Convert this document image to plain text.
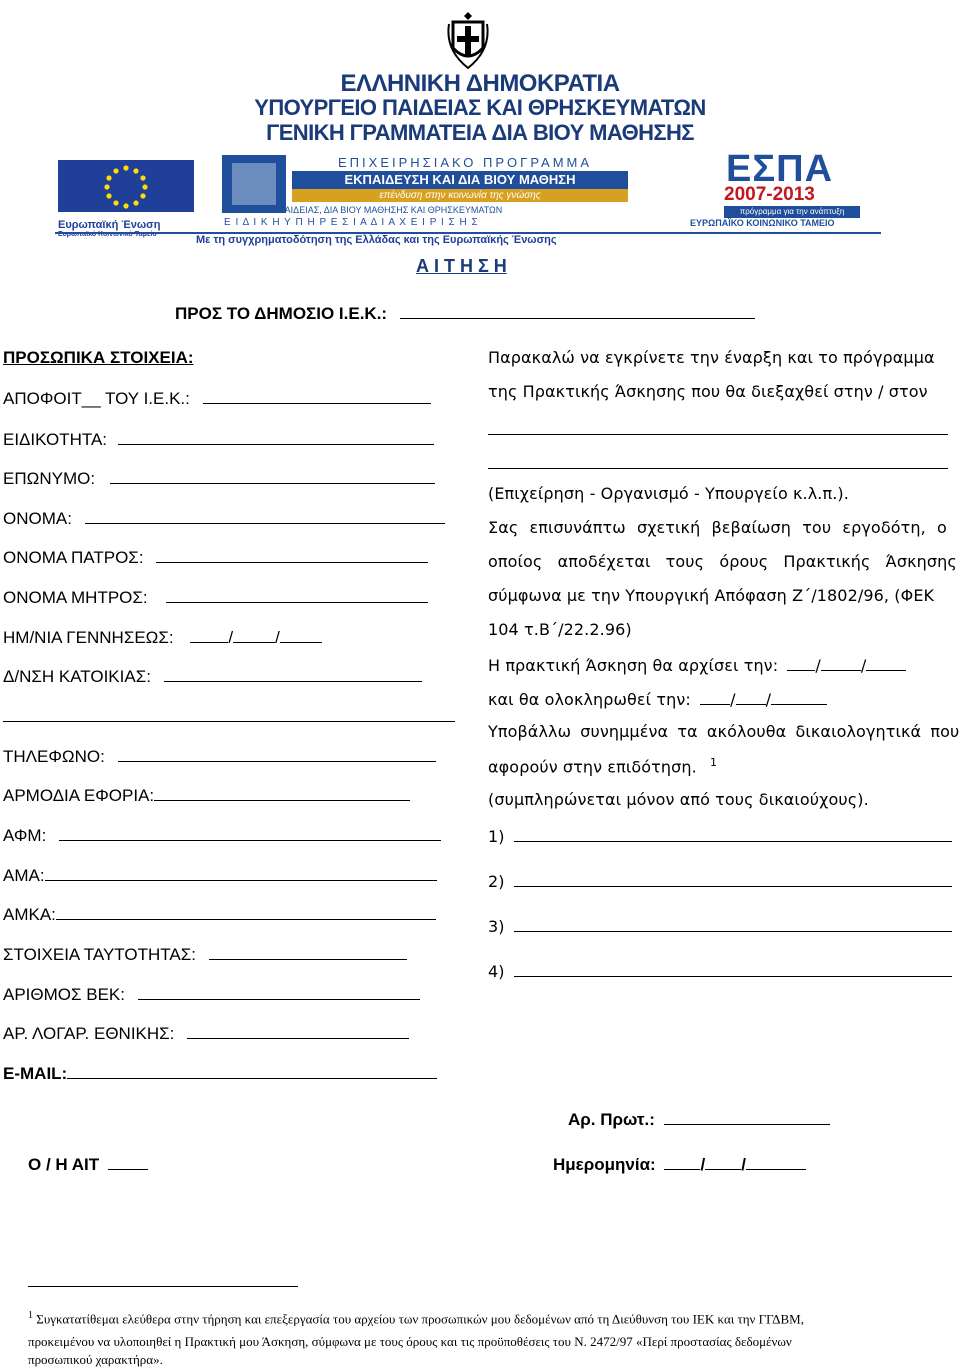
ΕΛΛΗΝΙΚΗ ΔΗΜΟΚΡΑΤΙΑ
ΥΠΟΥΡΓΕΙΟ ΠΑΙΔΕΙΑΣ ΚΑΙ ΘΡΗΣΚΕΥΜΑΤΩΝ
ΓΕΝΙΚΗ ΓΡΑΜΜΑΤΕΙΑ ΔΙΑ ΒΙΟΥ ΜΑΘΗΣΗΣ
Ευρωπαϊκή Ένωση
Ευρωπαϊκό Κοινωνικό Ταμείο
ΕΠΙΧΕΙΡΗΣΙΑΚΟ ΠΡΟΓΡΑΜΜΑ
ΕΚΠΑΙΔΕΥΣΗ ΚΑΙ ΔΙΑ ΒΙΟΥ ΜΑΘΗΣΗ
επένδυση στην κοινωνία της γνώσης
ΥΠΟΥΡΓΕΙΟ ΠΑΙΔΕΙΑΣ, ΔΙΑ ΒΙΟΥ ΜΑΘΗΣΗΣ ΚΑΙ ΘΡΗΣΚΕΥΜΑΤΩΝ
Ε Ι Δ Ι Κ Η Υ Π Η Ρ Ε Σ Ι Α Δ Ι Α Χ Ε Ι Ρ Ι Σ Η Σ
ΕΣΠΑ
2007-2013
πρόγραμμα για την ανάπτυξη
ΕΥΡΩΠΑΪΚΟ ΚΟΙΝΩΝΙΚΟ ΤΑΜΕΙΟ
Με τη συγχρηματοδότηση της Ελλάδας και της Ευρωπαϊκής Ένωσης
Α Ι Τ Η Σ Η
ΠΡΟΣ ΤΟ ΔΗΜΟΣΙΟ Ι.Ε.Κ.:
ΠΡΟΣΩΠΙΚΑ ΣΤΟΙΧΕΙΑ:
ΑΠΟΦΟΙΤ__ ΤΟΥ Ι.Ε.Κ.:
ΕΙΔΙΚΟΤΗΤΑ:
ΕΠΩΝΥΜΟ:
ΟΝΟΜΑ:
ΟΝΟΜΑ ΠΑΤΡΟΣ:
ΟΝΟΜΑ ΜΗΤΡΟΣ:
ΗΜ/ΝΙΑ ΓΕΝΝΗΣΕΩΣ:	/ /
Δ/ΝΣΗ ΚΑΤΟΙΚΙΑΣ:
ΤΗΛΕΦΩΝΟ:
ΑΡΜΟΔΙΑ ΕΦΟΡΙΑ:
ΑΦΜ:
ΑΜΑ:
ΑΜΚΑ:
ΣΤΟΙΧΕΙΑ ΤΑΥΤΟΤΗΤΑΣ:
ΑΡΙΘΜΟΣ ΒΕΚ:
ΑΡ. ΛΟΓΑΡ. ΕΘΝΙΚΗΣ:
E-MAIL:
Παρακαλώ να εγκρίνετε την έναρξη και το πρόγραμμα
της Πρακτικής Άσκησης που θα διεξαχθεί στην / στον
(Επιχείρηση - Οργανισμό - Υπουργείο κ.λ.π.).
Σας επισυνάπτω σχετική βεβαίωση του εργοδότη, ο
οποίος αποδέχεται τους όρους Πρακτικής Άσκησης
σύμφωνα με την Υπουργική Απόφαση Ζ΄/1802/96, (ΦΕΚ
104 τ.Β΄/22.2.96)
Η πρακτική Άσκηση θα αρχίσει την: /	/
και θα ολοκληρωθεί την: / /
Υποβάλλω συνημμένα τα ακόλουθα δικαιολογητικά που
αφορούν στην επιδότηση. $^1$
(συμπληρώνεται μόνον από τους δικαιούχους).
1)
2)
3)
4)
Αρ. Πρωτ.:
Ημερομηνία:	/ /
Ο / Η ΑΙΤ
$^1$ Συγκατατίθεμαι ελεύθερα στην τήρηση και επεξεργασία του αρχείου των προσωπικών μου δεδομένων από τη Διεύθυνση του ΙΕΚ και την ΓΓΔΒΜ,
προκειμένου να υλοποιηθεί η Πρακτική μου Άσκηση, σύμφωνα με τους όρους και τις προϋποθέσεις του Ν. 2472/97 «Περί προστασίας δεδομένων
προσωπικού χαρακτήρα».
